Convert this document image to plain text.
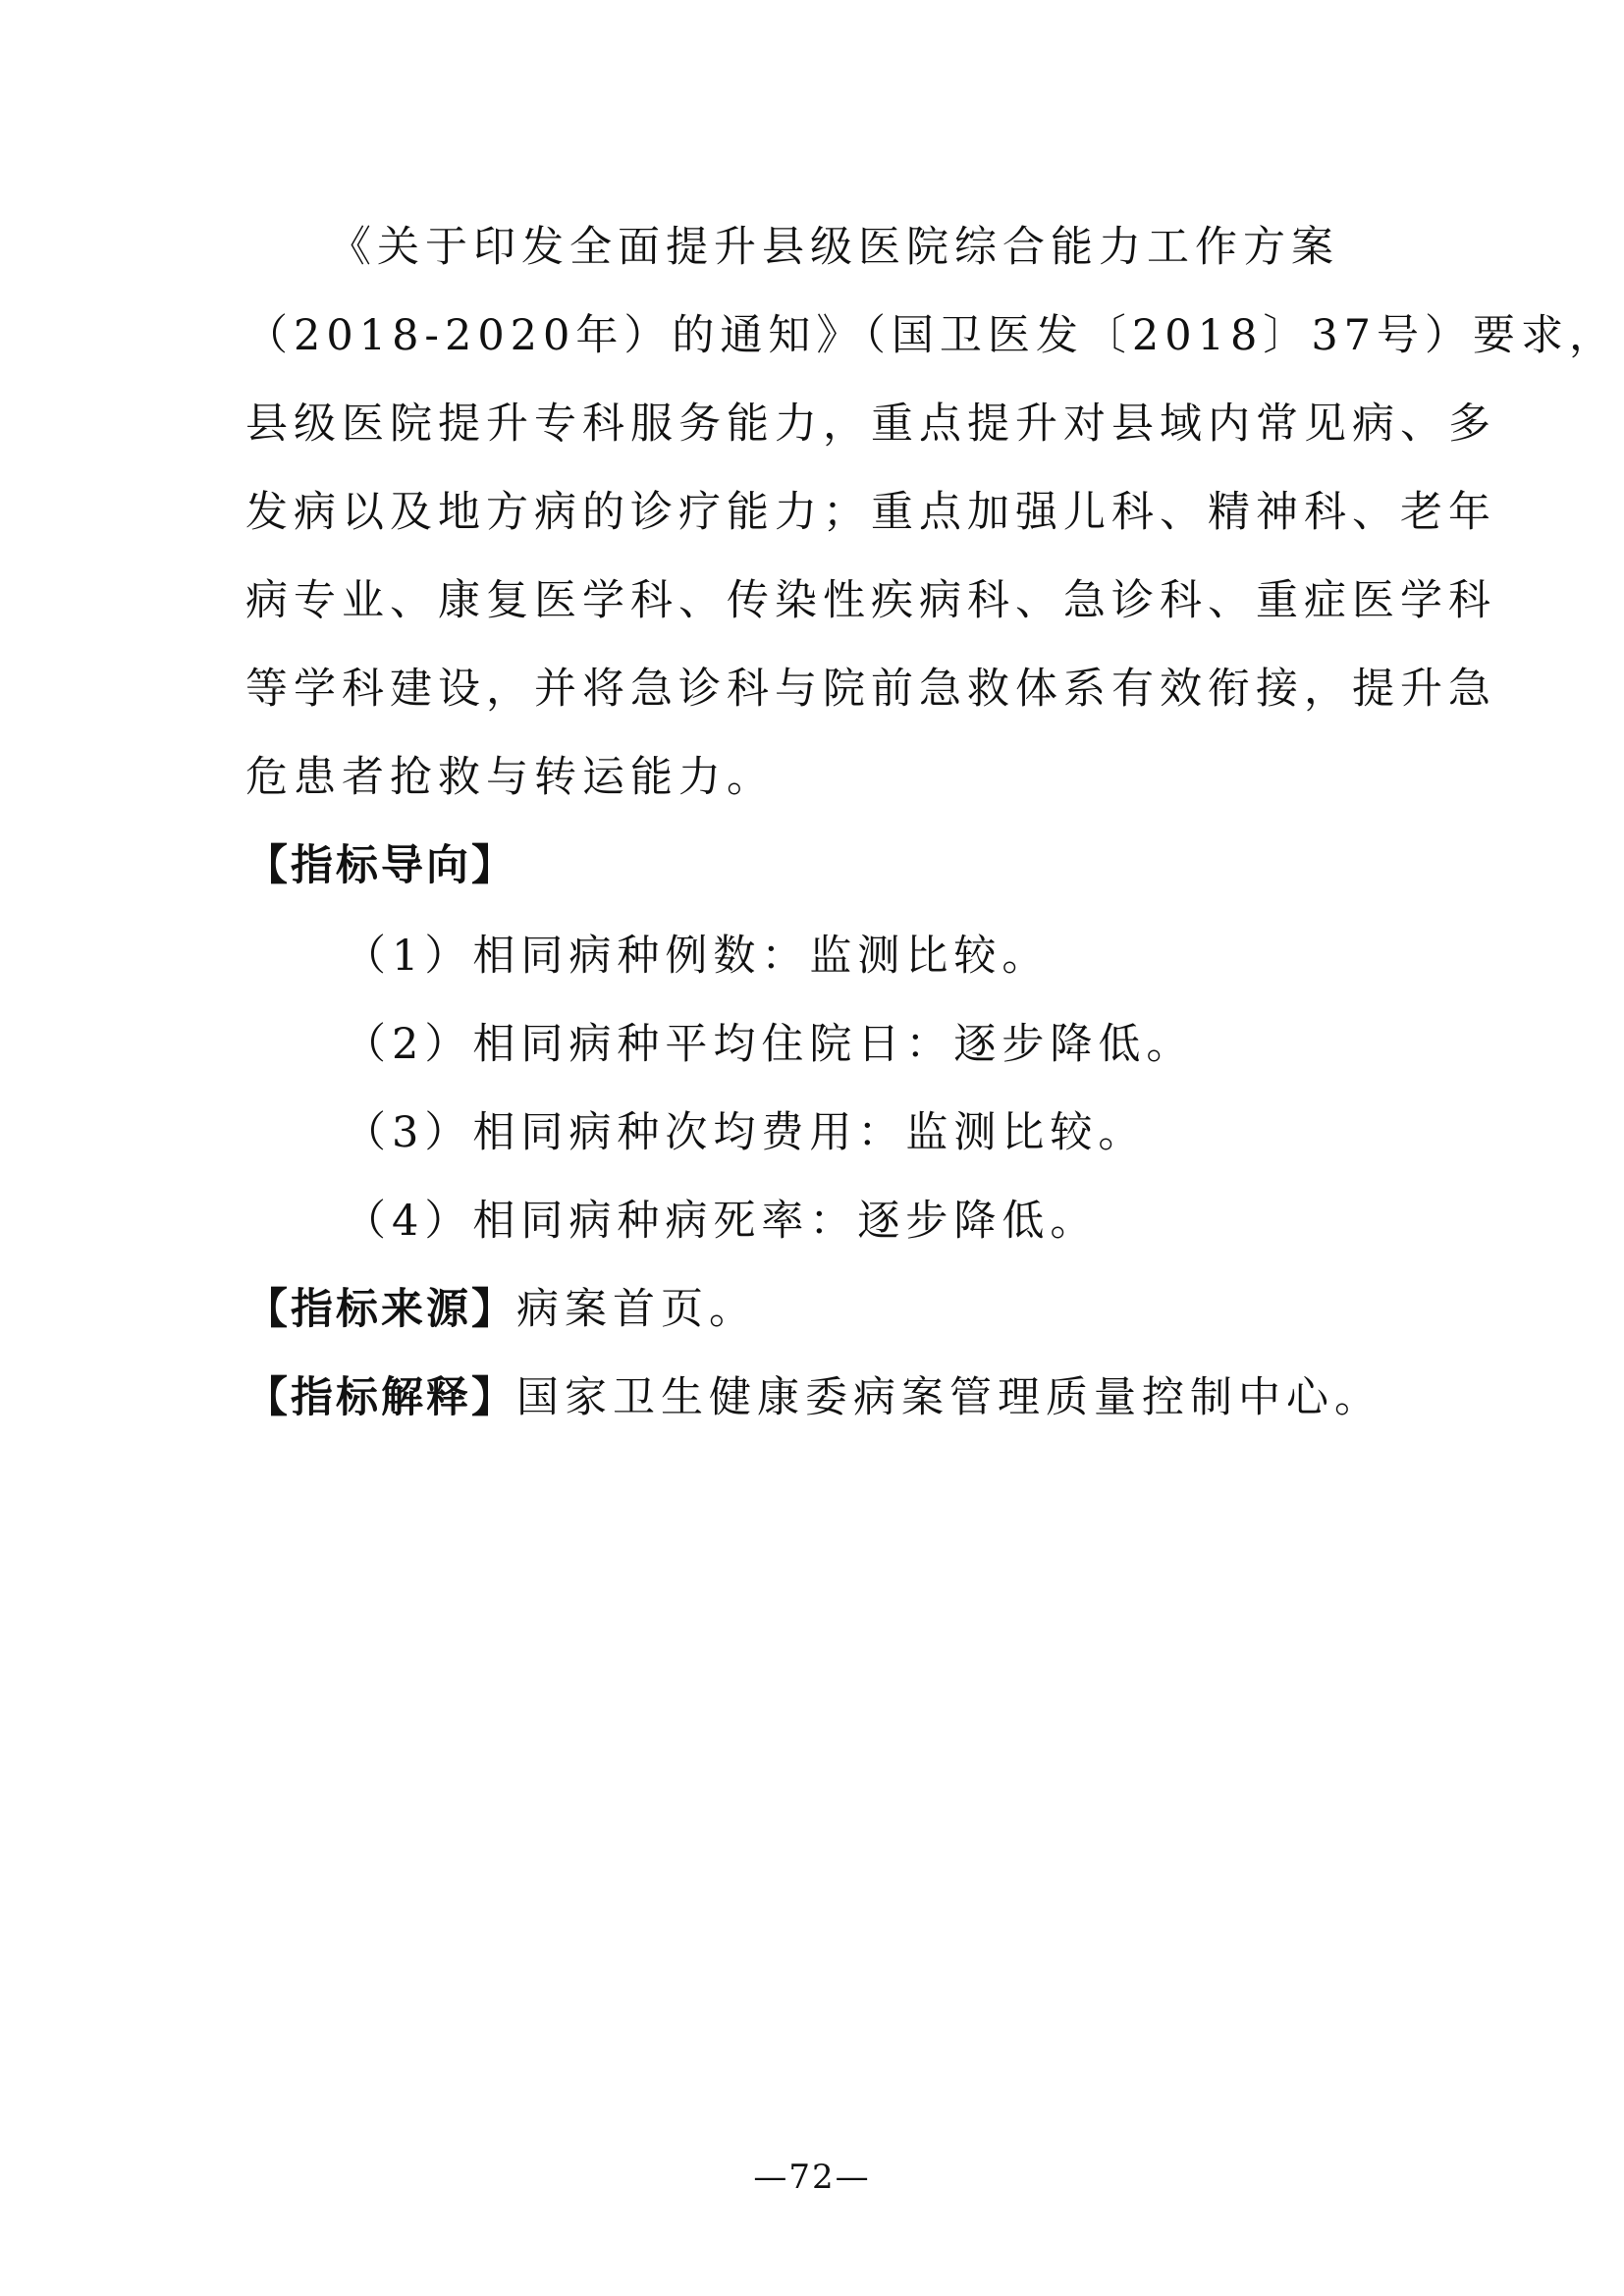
《关于印发全面提升县级医院综合能力工作方案
（2018-2020年）的通知》（国卫医发〔2018〕37号）要求，
县级医院提升专科服务能力，重点提升对县域内常见病、多
发病以及地方病的诊疗能力；重点加强儿科、精神科、老年
病专业、康复医学科、传染性疾病科、急诊科、重症医学科
等学科建设，并将急诊科与院前急救体系有效衔接，提升急
危患者抢救与转运能力。
【指标导向】
（1）相同病种例数：监测比较。
（2）相同病种平均住院日：逐步降低。
（3）相同病种次均费用：监测比较。
（4）相同病种病死率：逐步降低。
【指标来源】病案首页。
【指标解释】国家卫生健康委病案管理质量控制中心。
—72—
